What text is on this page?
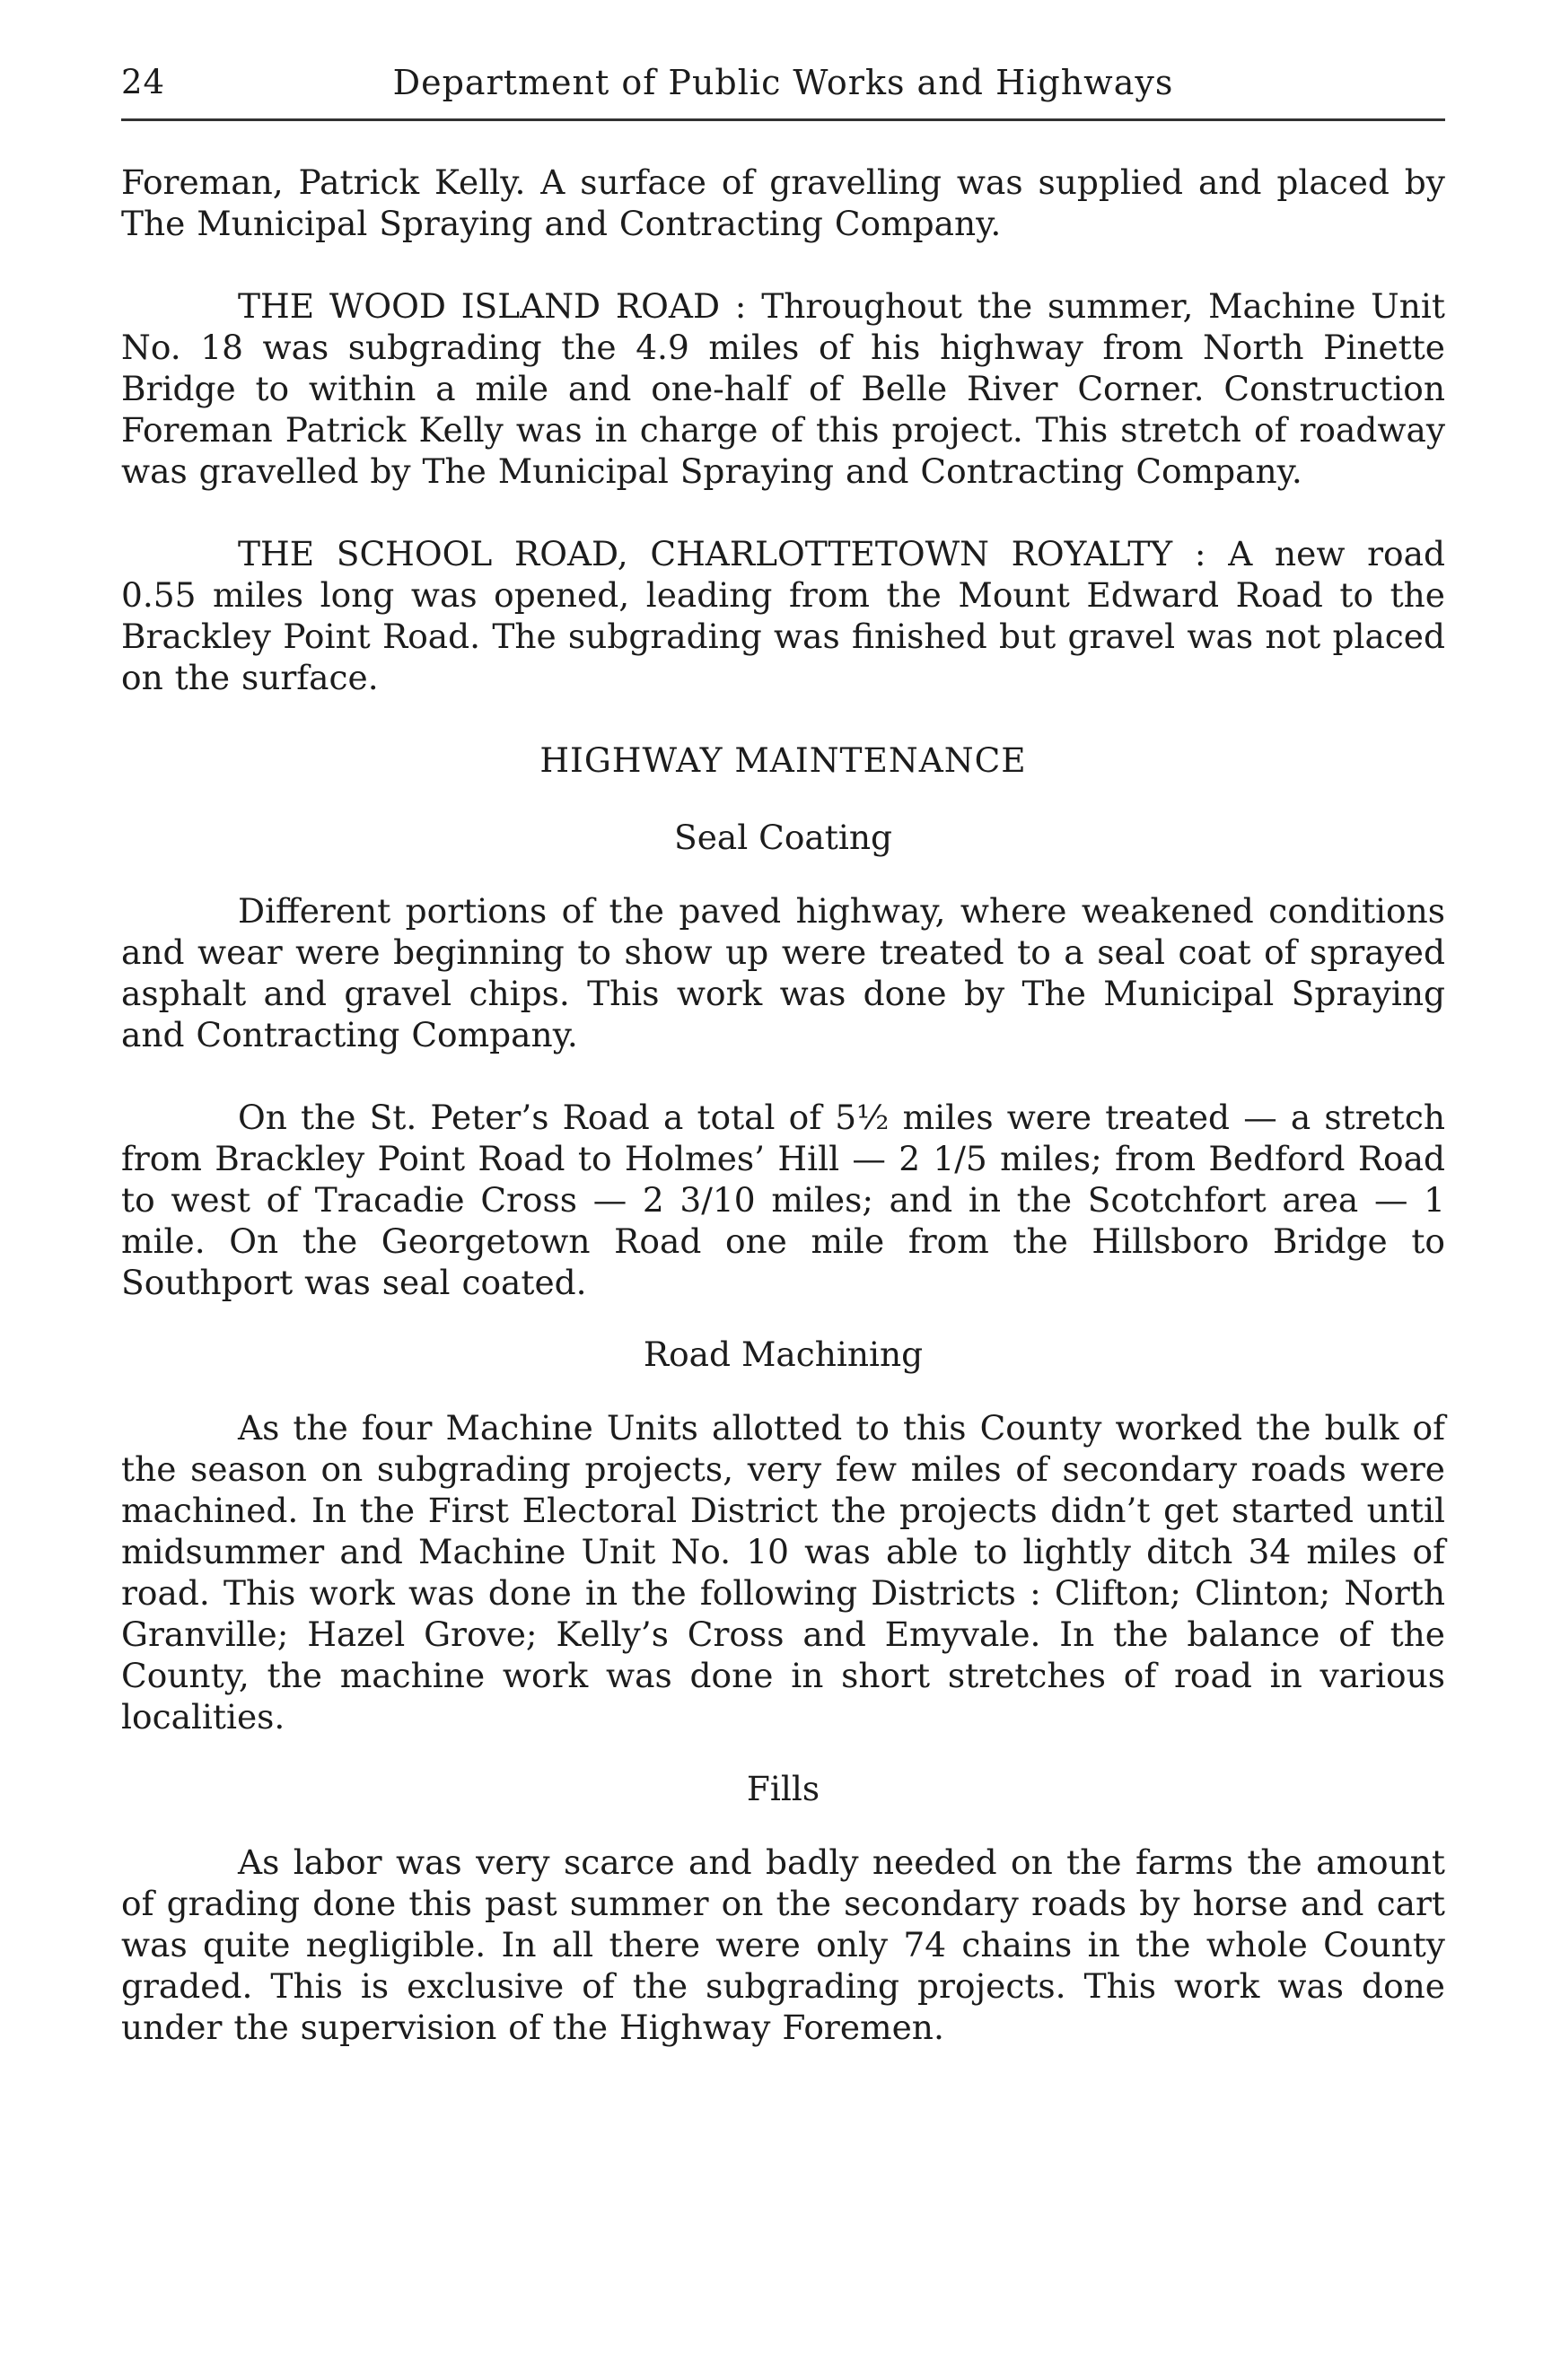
24	Department of Public Works and Highways

Foreman, Patrick Kelly. A surface of gravelling was supplied and placed by The Municipal Spraying and Contracting Company.

THE WOOD ISLAND ROAD : Throughout the summer, Machine Unit No. 18 was subgrading the 4.9 miles of his highway from North Pinette Bridge to within a mile and one-half of Belle River Corner. Construction Foreman Patrick Kelly was in charge of this project. This stretch of roadway was gravelled by The Municipal Spraying and Contracting Company.

THE SCHOOL ROAD, CHARLOTTETOWN ROYALTY : A new road 0.55 miles long was opened, leading from the Mount Edward Road to the Brackley Point Road. The subgrading was finished but gravel was not placed on the surface.

HIGHWAY MAINTENANCE
Seal Coating

Different portions of the paved highway, where weakened conditions and wear were beginning to show up were treated to a seal coat of sprayed asphalt and gravel chips. This work was done by The Municipal Spraying and Contracting Company.

On the St. Peter’s Road a total of 5½ miles were treated — a stretch from Brackley Point Road to Holmes’ Hill — 2 1/5 miles; from Bedford Road to west of Tracadie Cross — 2 3/10 miles; and in the Scotchfort area — 1 mile. On the Georgetown Road one mile from the Hillsboro Bridge to Southport was seal coated.

Road Machining

As the four Machine Units allotted to this County worked the bulk of the season on subgrading projects, very few miles of secondary roads were machined. In the First Electoral District the projects didn’t get started until midsummer and Machine Unit No. 10 was able to lightly ditch 34 miles of road. This work was done in the following Districts : Clifton; Clinton; North Granville; Hazel Grove; Kelly’s Cross and Emyvale. In the balance of the County, the machine work was done in short stretches of road in various localities.

Fills

As labor was very scarce and badly needed on the farms the amount of grading done this past summer on the secondary roads by horse and cart was quite negligible. In all there were only 74 chains in the whole County graded. This is exclusive of the subgrading projects. This work was done under the supervision of the Highway Foremen.
